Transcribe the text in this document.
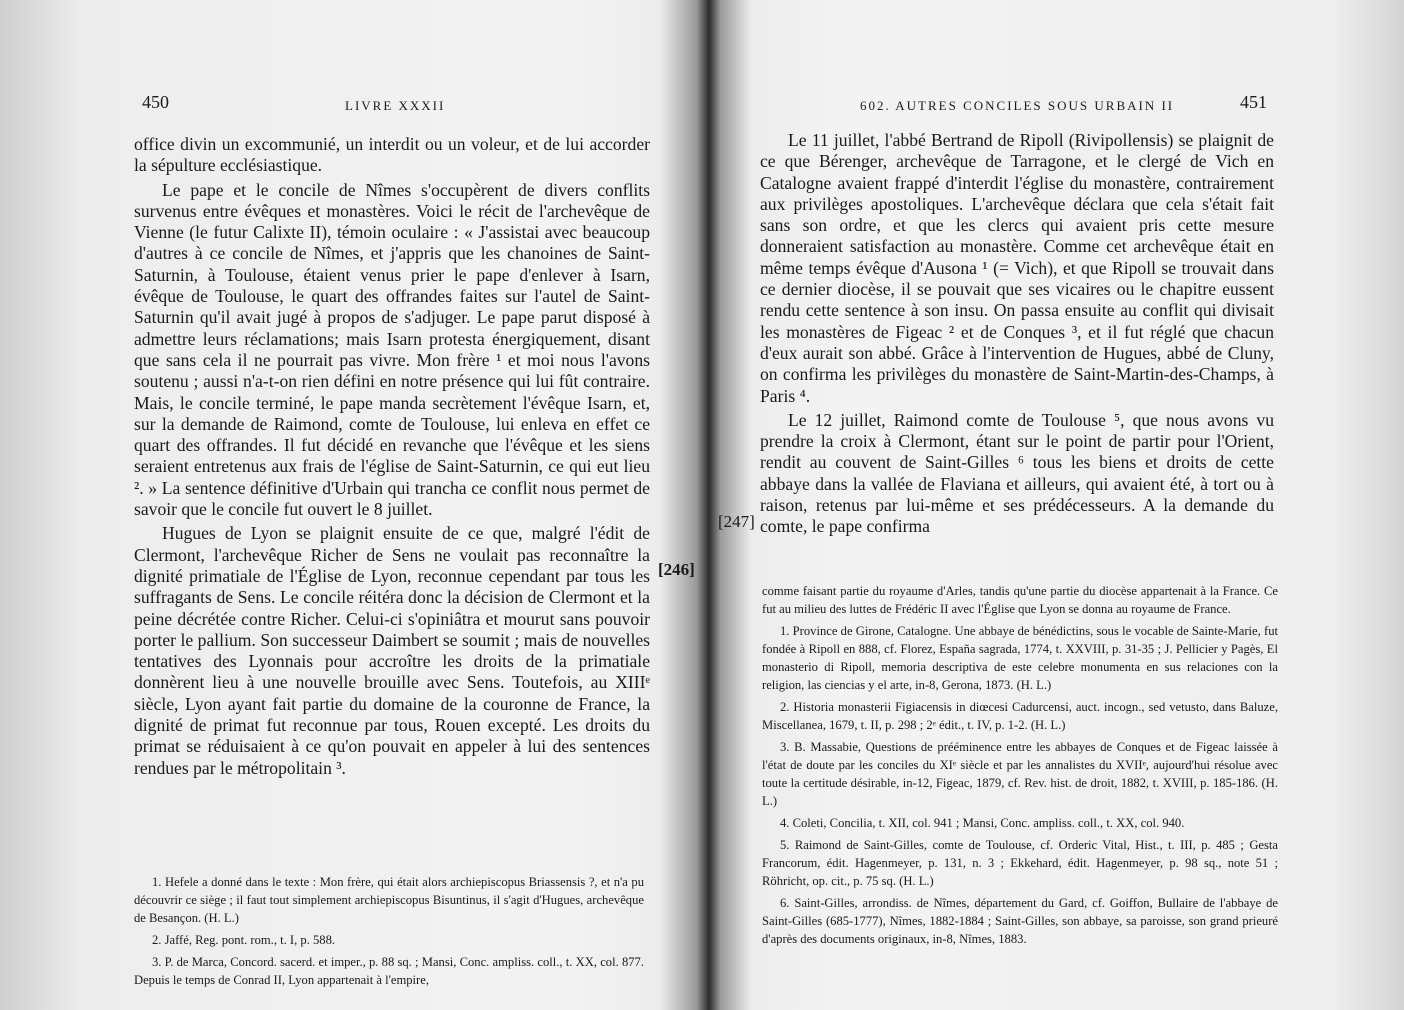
450	LIVRE XXXII

office divin un excommunié, un interdit ou un voleur, et de lui accorder la sépulture ecclésiastique.

Le pape et le concile de Nîmes s'occupèrent de divers conflits survenus entre évêques et monastères. Voici le récit de l'archevêque de Vienne (le futur Calixte II), témoin oculaire : « J'assistai avec beaucoup d'autres à ce concile de Nîmes, et j'appris que les chanoines de Saint-Saturnin, à Toulouse, étaient venus prier le pape d'enlever à Isarn, évêque de Toulouse, le quart des offrandes faites sur l'autel de Saint-Saturnin qu'il avait jugé à propos de s'adjuger. Le pape parut disposé à admettre leurs réclamations; mais Isarn protesta énergiquement, disant que sans cela il ne pourrait pas vivre. Mon frère ¹ et moi nous l'avons soutenu ; aussi n'a-t-on rien défini en notre présence qui lui fût contraire. Mais, le concile terminé, le pape manda secrètement l'évêque Isarn, et, sur la demande de Raimond, comte de Toulouse, lui enleva en effet ce quart des offrandes. Il fut décidé en revanche que l'évêque et les siens seraient entretenus aux frais de l'église de Saint-Saturnin, ce qui eut lieu ². » La sentence définitive d'Urbain qui trancha ce conflit nous permet de savoir que le concile fut ouvert le 8 juillet.

Hugues de Lyon se plaignit ensuite de ce que, malgré l'édit de Clermont, l'archevêque Richer de Sens ne voulait pas reconnaître la dignité primatiale de l'Église de Lyon, reconnue cependant par tous les suffragants de Sens. Le concile réitéra donc la décision de Clermont et la peine décrétée contre Richer. Celui-ci s'opiniâtra et mourut sans pouvoir porter le pallium. Son successeur Daimbert se soumit ; mais de nouvelles tentatives des Lyonnais pour accroître les droits de la primatiale donnèrent lieu à une nouvelle brouille avec Sens. Toutefois, au XIIIᵉ siècle, Lyon ayant fait partie du domaine de la couronne de France, la dignité de primat fut reconnue par tous, Rouen excepté. Les droits du primat se réduisaient à ce qu'on pouvait en appeler à lui des sentences rendues par le métropolitain ³.

1. Hefele a donné dans le texte : Mon frère, qui était alors archiepiscopus Briassensis ?, et n'a pu découvrir ce siège ; il faut tout simplement archiepiscopus Bisuntinus, il s'agit d'Hugues, archevêque de Besançon. (H. L.)

2. Jaffé, Reg. pont. rom., t. I, p. 588.

3. P. de Marca, Concord. sacerd. et imper., p. 88 sq. ; Mansi, Conc. ampliss. coll., t. XX, col. 877. Depuis le temps de Conrad II, Lyon appartenait à l'empire,

[246]
[247]
602. AUTRES CONCILES SOUS URBAIN II	451

Le 11 juillet, l'abbé Bertrand de Ripoll (Rivipollensis) se plaignit de ce que Bérenger, archevêque de Tarragone, et le clergé de Vich en Catalogne avaient frappé d'interdit l'église du monastère, contrairement aux privilèges apostoliques. L'archevêque déclara que cela s'était fait sans son ordre, et que les clercs qui avaient pris cette mesure donneraient satisfaction au monastère. Comme cet archevêque était en même temps évêque d'Ausona ¹ (= Vich), et que Ripoll se trouvait dans ce dernier diocèse, il se pouvait que ses vicaires ou le chapitre eussent rendu cette sentence à son insu. On passa ensuite au conflit qui divisait les monastères de Figeac ² et de Conques ³, et il fut réglé que chacun d'eux aurait son abbé. Grâce à l'intervention de Hugues, abbé de Cluny, on confirma les privilèges du monastère de Saint-Martin-des-Champs, à Paris ⁴.

Le 12 juillet, Raimond comte de Toulouse ⁵, que nous avons vu prendre la croix à Clermont, étant sur le point de partir pour l'Orient, rendit au couvent de Saint-Gilles ⁶ tous les biens et droits de cette abbaye dans la vallée de Flaviana et ailleurs, qui avaient été, à tort ou à raison, retenus par lui-même et ses prédécesseurs. A la demande du comte, le pape confirma

comme faisant partie du royaume d'Arles, tandis qu'une partie du diocèse appartenait à la France. Ce fut au milieu des luttes de Frédéric II avec l'Église que Lyon se donna au royaume de France.

1. Province de Girone, Catalogne. Une abbaye de bénédictins, sous le vocable de Sainte-Marie, fut fondée à Ripoll en 888, cf. Florez, España sagrada, 1774, t. XXVIII, p. 31-35 ; J. Pellicier y Pagès, El monasterio di Ripoll, memoria descriptiva de este celebre monumenta en sus relaciones con la religion, las ciencias y el arte, in-8, Gerona, 1873. (H. L.)

2. Historia monasterii Figiacensis in diœcesi Cadurcensi, auct. incogn., sed vetusto, dans Baluze, Miscellanea, 1679, t. II, p. 298 ; 2ᵉ édit., t. IV, p. 1-2. (H. L.)

3. B. Massabie, Questions de prééminence entre les abbayes de Conques et de Figeac laissée à l'état de doute par les conciles du XIᵉ siècle et par les annalistes du XVIIᵉ, aujourd'hui résolue avec toute la certitude désirable, in-12, Figeac, 1879, cf. Rev. hist. de droit, 1882, t. XVIII, p. 185-186. (H. L.)

4. Coleti, Concilia, t. XII, col. 941 ; Mansi, Conc. ampliss. coll., t. XX, col. 940.

5. Raimond de Saint-Gilles, comte de Toulouse, cf. Orderic Vital, Hist., t. III, p. 485 ; Gesta Francorum, édit. Hagenmeyer, p. 131, n. 3 ; Ekkehard, édit. Hagenmeyer, p. 98 sq., note 51 ; Röhricht, op. cit., p. 75 sq. (H. L.)

6. Saint-Gilles, arrondiss. de Nîmes, département du Gard, cf. Goiffon, Bullaire de l'abbaye de Saint-Gilles (685-1777), Nîmes, 1882-1884 ; Saint-Gilles, son abbaye, sa paroisse, son grand prieuré d'après des documents originaux, in-8, Nîmes, 1883.
